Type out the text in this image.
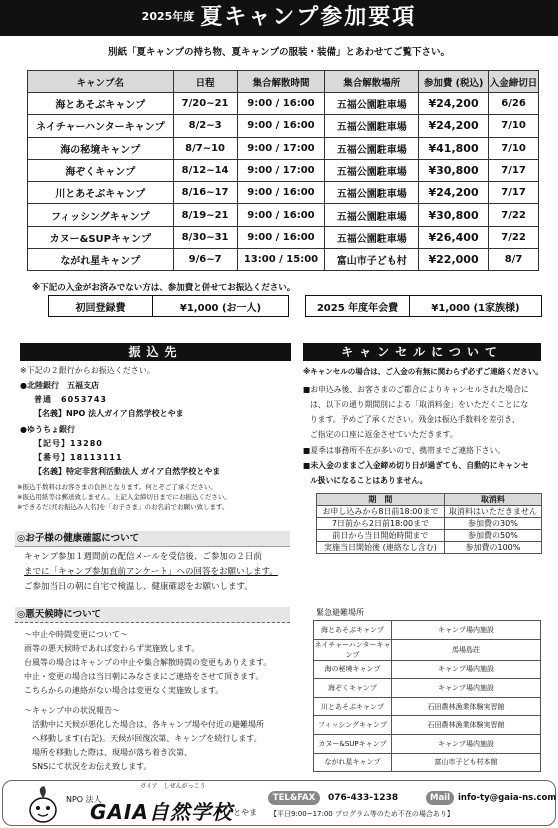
2025年度 夏キャンプ参加要項
別紙「夏キャンプの持ち物、夏キャンプの服装・装備」とあわせてご覧下さい。
キャンプ名	日程	集合解散時間	集合解散場所	参加費 (税込)	入金締切日
海とあそぶキャンプ	7/20~21	9:00 / 16:00	五福公園駐車場	¥24,200	6/26
ネイチャーハンターキャンプ	8/2~3	9:00 / 16:00	五福公園駐車場	¥24,200	7/10
海の秘境キャンプ	8/7~10	9:00 / 17:00	五福公園駐車場	¥41,800	7/10
海ぞくキャンプ	8/12~14	9:00 / 17:00	五福公園駐車場	¥30,800	7/17
川とあそぶキャンプ	8/16~17	9:00 / 16:00	五福公園駐車場	¥24,200	7/17
フィッシングキャンプ	8/19~21	9:00 / 16:00	五福公園駐車場	¥30,800	7/22
カヌー&SUPキャンプ	8/30~31	9:00 / 16:00	五福公園駐車場	¥26,400	7/22
ながれ星キャンプ	9/6~7	13:00 / 15:00	富山市子ども村	¥22,000	8/7
※下記の入金がお済みでない方は、参加費と併せてお振込ください。
初回登録費	¥1,000 (お一人)	2025 年度年会費	¥1,000 (1家族様)
振込先
※下記の２銀行からお振込ください。
●北陸銀行　五福支店
普通　6053743
【名義】NPO 法人ガイア自然学校とやま
●ゆうちょ銀行
【記号】13280
【番号】18113111
【名義】特定非営利活動法人 ガイア自然学校とやま
※振込手数料はお客さまの負担となります。何とぞご了承ください。
※振込用紙等は郵送致しません。上記入金締切日までにお振込ください。
※できるだけ[お振込み人名]を「お子さま」のお名前でお願い致します。
◎お子様の健康確認について
キャンプ参加１週間前の配信メールを受信後、ご参加の２日前
までに「キャンプ参加直前アンケート」への回答をお願いします。
ご参加当日の朝に自宅で検温し、健康確認をお願いします。
◎悪天候時について
〜中止や時間変更について〜
雨等の悪天候時であれば変わらず実施致します。
台風等の場合はキャンプの中止や集合解散時間の変更もありえます。
中止・変更の場合は当日朝にみなさまにご連絡をさせて頂きます。
こちらからの連絡がない場合は変更なく実施致します。
〜キャンプ中の状況報告〜
活動中に天候が悪化した場合は、各キャンプ場や付近の避難場所
へ移動します(右記)。天候が回復次第、キャンプを続行します。
場所を移動した際は、現場が落ち着き次第、
SNSにて状況をお伝え致します。
キャンセルについて
※キャンセルの場合は、ご入金の有無に関わらず必ずご連絡ください。
■お申込み後、お客さまのご都合によりキャンセルされた場合に
は、以下の通り期間別による「取消料金」をいただくことにな
ります。予めご了承ください。残金は振込手数料を差引き、
ご指定の口座に返金させていただきます。
■夏季は事務所不在が多いので、携帯までご連絡下さい。
■未入金のままご入金締め切り日が過ぎても、自動的にキャンセ
ル扱いになることはありません。
期　間	取消料
お申し込みから8日前18:00まで	取消料はいただきません
7日前から2日前18:00まで	参加費の30%
前日から当日開始時間まで	参加費の50%
実施当日開始後 (連絡なし含む)	参加費の100%
緊急避難場所
海とあそぶキャンプ	キャンプ場内施設
ネイチャーハンターキャンプ	馬場島荘
海の秘境キャンプ	キャンプ場内施設
海ぞくキャンプ	キャンプ場内施設
川とあそぶキャンプ	石田農林漁業体験実習館
フィッシングキャンプ	石田農林漁業体験実習館
カヌー&SUPキャンプ	キャンプ場内施設
ながれ星キャンプ	富山市子ども村本館
NPO 法人
ガイア　しぜんがっこう
GAIA自然学校 とやま
TEL&FAX	076-433-1238	Mail info-ty@gaia-ns.com
【平日9:00~17:00 プログラム等のため不在の場合あり】
